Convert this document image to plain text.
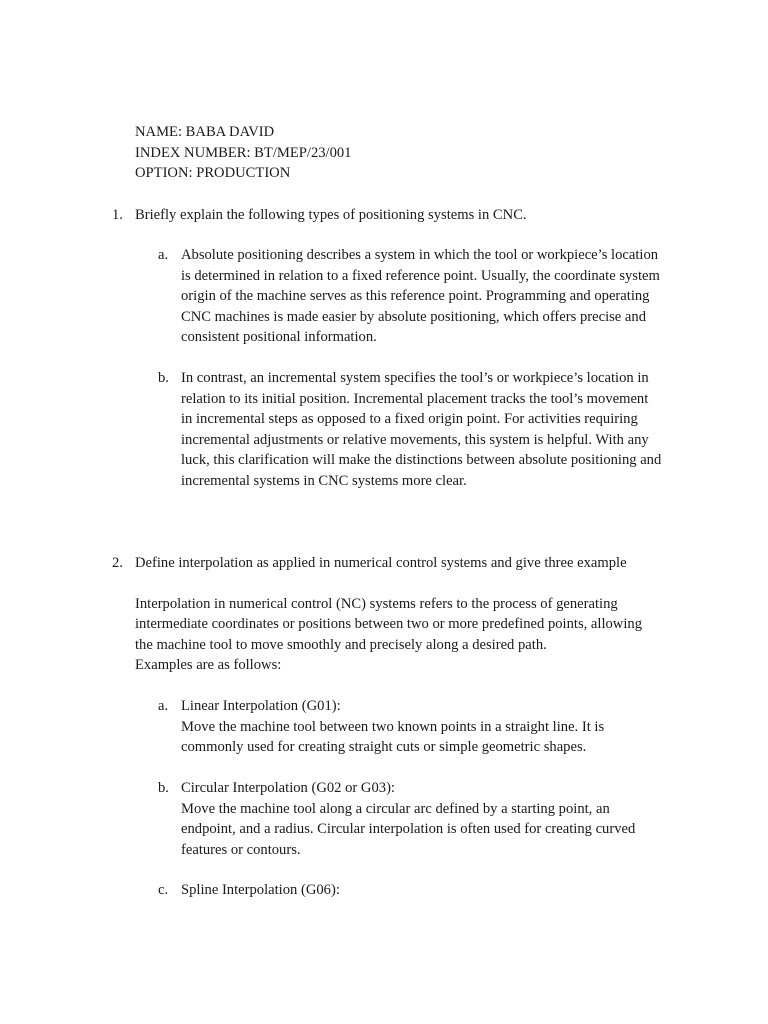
NAME: BABA DAVID
INDEX NUMBER: BT/MEP/23/001
OPTION: PRODUCTION
1. Briefly explain the following types of positioning systems in CNC.
a. Absolute positioning describes a system in which the tool or workpiece’s location
is determined in relation to a fixed reference point. Usually, the coordinate system
origin of the machine serves as this reference point. Programming and operating
CNC machines is made easier by absolute positioning, which offers precise and
consistent positional information.
b. In contrast, an incremental system specifies the tool’s or workpiece’s location in
relation to its initial position. Incremental placement tracks the tool’s movement
in incremental steps as opposed to a fixed origin point. For activities requiring
incremental adjustments or relative movements, this system is helpful. With any
luck, this clarification will make the distinctions between absolute positioning and
incremental systems in CNC systems more clear.
2. Define interpolation as applied in numerical control systems and give three example
Interpolation in numerical control (NC) systems refers to the process of generating
intermediate coordinates or positions between two or more predefined points, allowing
the machine tool to move smoothly and precisely along a desired path.
Examples are as follows:
a. Linear Interpolation (G01):
Move the machine tool between two known points in a straight line. It is
commonly used for creating straight cuts or simple geometric shapes.
b. Circular Interpolation (G02 or G03):
Move the machine tool along a circular arc defined by a starting point, an
endpoint, and a radius. Circular interpolation is often used for creating curved
features or contours.
c. Spline Interpolation (G06):
